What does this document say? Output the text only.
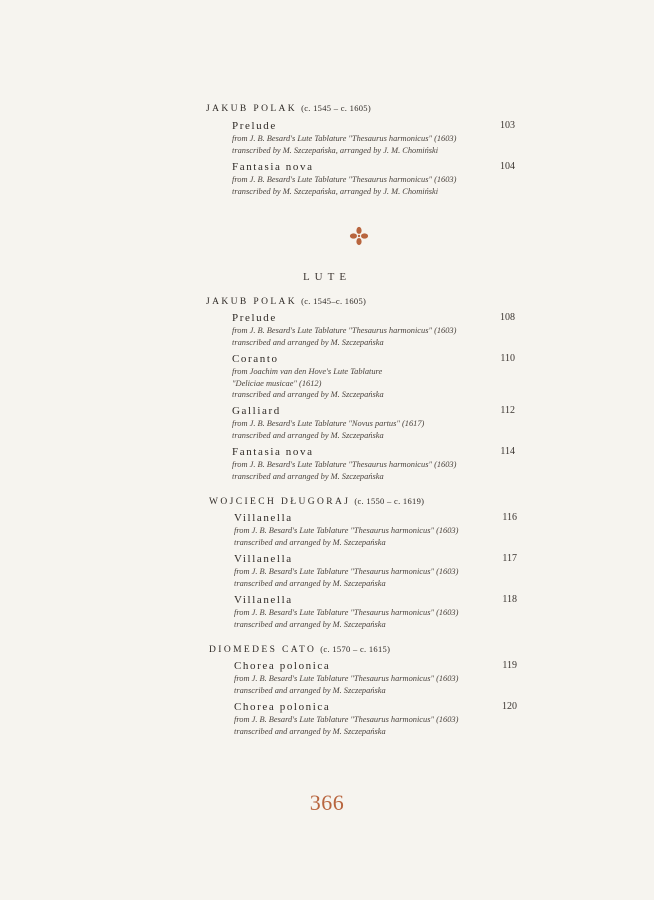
JAKUB POLAK (c. 1545 – c. 1605)
Prelude	103
from J. B. Besard's Lute Tablature "Thesaurus harmonicus" (1603)
transcribed by M. Szczepańska, arranged by J. M. Chomiński
Fantasia nova	104
from J. B. Besard's Lute Tablature "Thesaurus harmonicus" (1603)
transcribed by M. Szczepańska, arranged by J. M. Chomiński
LUTE
JAKUB POLAK (c. 1545–c. 1605)
Prelude	108
from J. B. Besard's Lute Tablature "Thesaurus harmonicus" (1603)
transcribed and arranged by M. Szczepańska
Coranto	110
from Joachim van den Hove's Lute Tablature
"Deliciae musicae" (1612)
transcribed and arranged by M. Szczepańska
Galliard	112
from J. B. Besard's Lute Tablature "Novus partus" (1617)
transcribed and arranged by M. Szczepańska
Fantasia nova	114
from J. B. Besard's Lute Tablature "Thesaurus harmonicus" (1603)
transcribed and arranged by M. Szczepańska
WOJCIECH DŁUGORAJ (c. 1550 – c. 1619)
Villanella	116
from J. B. Besard's Lute Tablature "Thesaurus harmonicus" (1603)
transcribed and arranged by M. Szczepańska
Villanella	117
from J. B. Besard's Lute Tablature "Thesaurus harmonicus" (1603)
transcribed and arranged by M. Szczepańska
Villanella	118
from J. B. Besard's Lute Tablature "Thesaurus harmonicus" (1603)
transcribed and arranged by M. Szczepańska
DIOMEDES CATO (c. 1570 – c. 1615)
Chorea polonica	119
from J. B. Besard's Lute Tablature "Thesaurus harmonicus" (1603)
transcribed and arranged by M. Szczepańska
Chorea polonica	120
from J. B. Besard's Lute Tablature "Thesaurus harmonicus" (1603)
transcribed and arranged by M. Szczepańska
366
